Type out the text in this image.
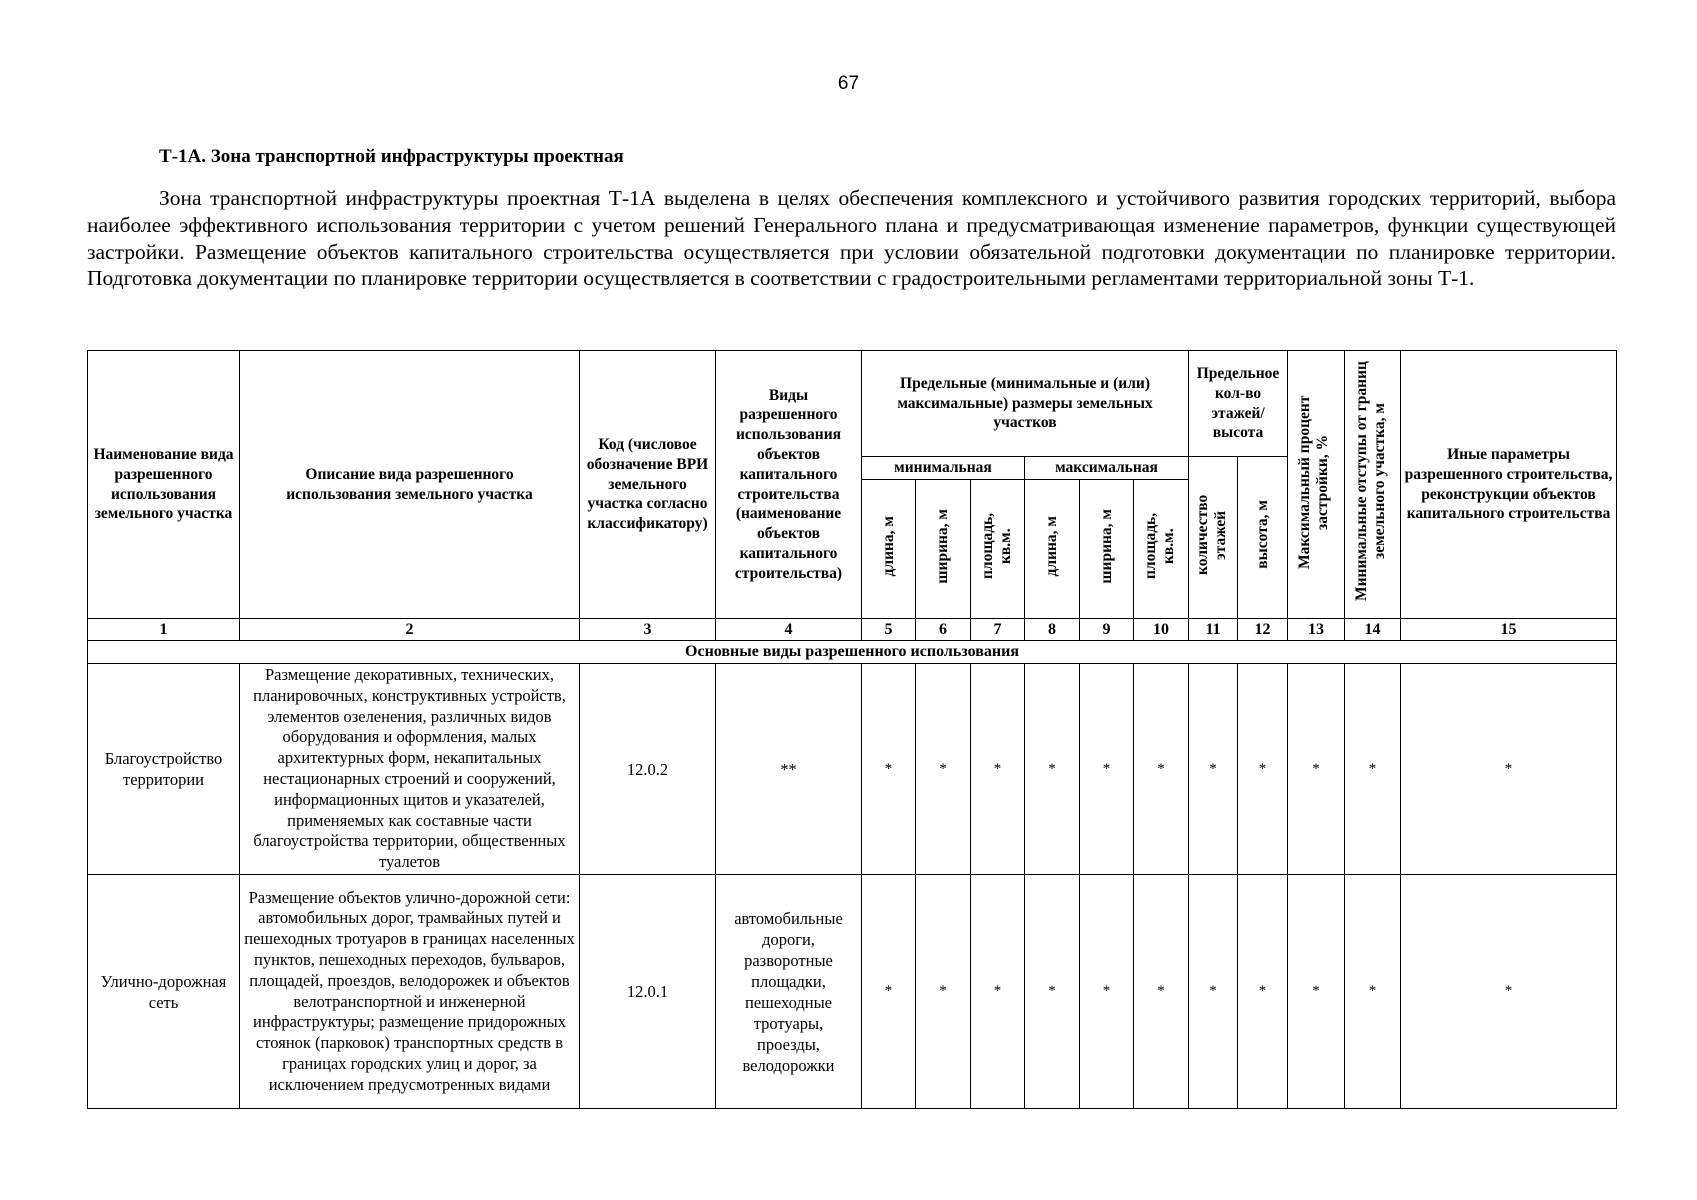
67
Т-1А. Зона транспортной инфраструктуры проектная

Зона транспортной инфраструктуры проектная Т-1А выделена в целях обеспечения комплексного и устойчивого развития городских территорий, выбора наиболее эффективного использования территории с учетом решений Генерального плана и предусматривающая изменение параметров, функции существующей застройки. Размещение объектов капитального строительства осуществляется при условии обязательной подготовки документации по планировке территории. Подготовка документации по планировке территории осуществляется в соответствии с градостроительными регламентами территориальной зоны Т-1.

Наименование вида разрешенного использования земельного участка	Описание вида разрешенного использования земельного участка	Код (числовое обозначение ВРИ земельного участка согласно классификатору)	Виды разрешенного использования объектов капитального строительства (наименование объектов капитального строительства)	Предельные (минимальные и (или) максимальные) размеры земельных участков						Предельное кол-во этажей/ высота		Максимальный процент застройки, %	Минимальные отступы от границ земельного участка, м	Иные параметры разрешенного строительства, реконструкции объектов капитального строительства
				минимальная			максимальная			количество этажей	высота, м			
				длина, м	ширина, м	площадь, кв.м.	длина, м	ширина, м	площадь, кв.м.					
1	2	3	4	5	6	7	8	9	10	11	12	13	14	15
Основные виды разрешенного использования														
Благоустройство территории	Размещение декоративных, технических, планировочных, конструктивных устройств, элементов озеленения, различных видов оборудования и оформления, малых архитектурных форм, некапитальных нестационарных строений и сооружений, информационных щитов и указателей, применяемых как составные части благоустройства территории, общественных туалетов	12.0.2	**	*	*	*	*	*	*	*	*	*	*	*
Улично-дорожная сеть	Размещение объектов улично-дорожной сети: автомобильных дорог, трамвайных путей и пешеходных тротуаров в границах населенных пунктов, пешеходных переходов, бульваров, площадей, проездов, велодорожек и объектов велотранспортной и инженерной инфраструктуры; размещение придорожных стоянок (парковок) транспортных средств в границах городских улиц и дорог, за исключением предусмотренных видами	12.0.1	автомобильные дороги, разворотные площадки, пешеходные тротуары, проезды, велодорожки	*	*	*	*	*	*	*	*	*	*	*
